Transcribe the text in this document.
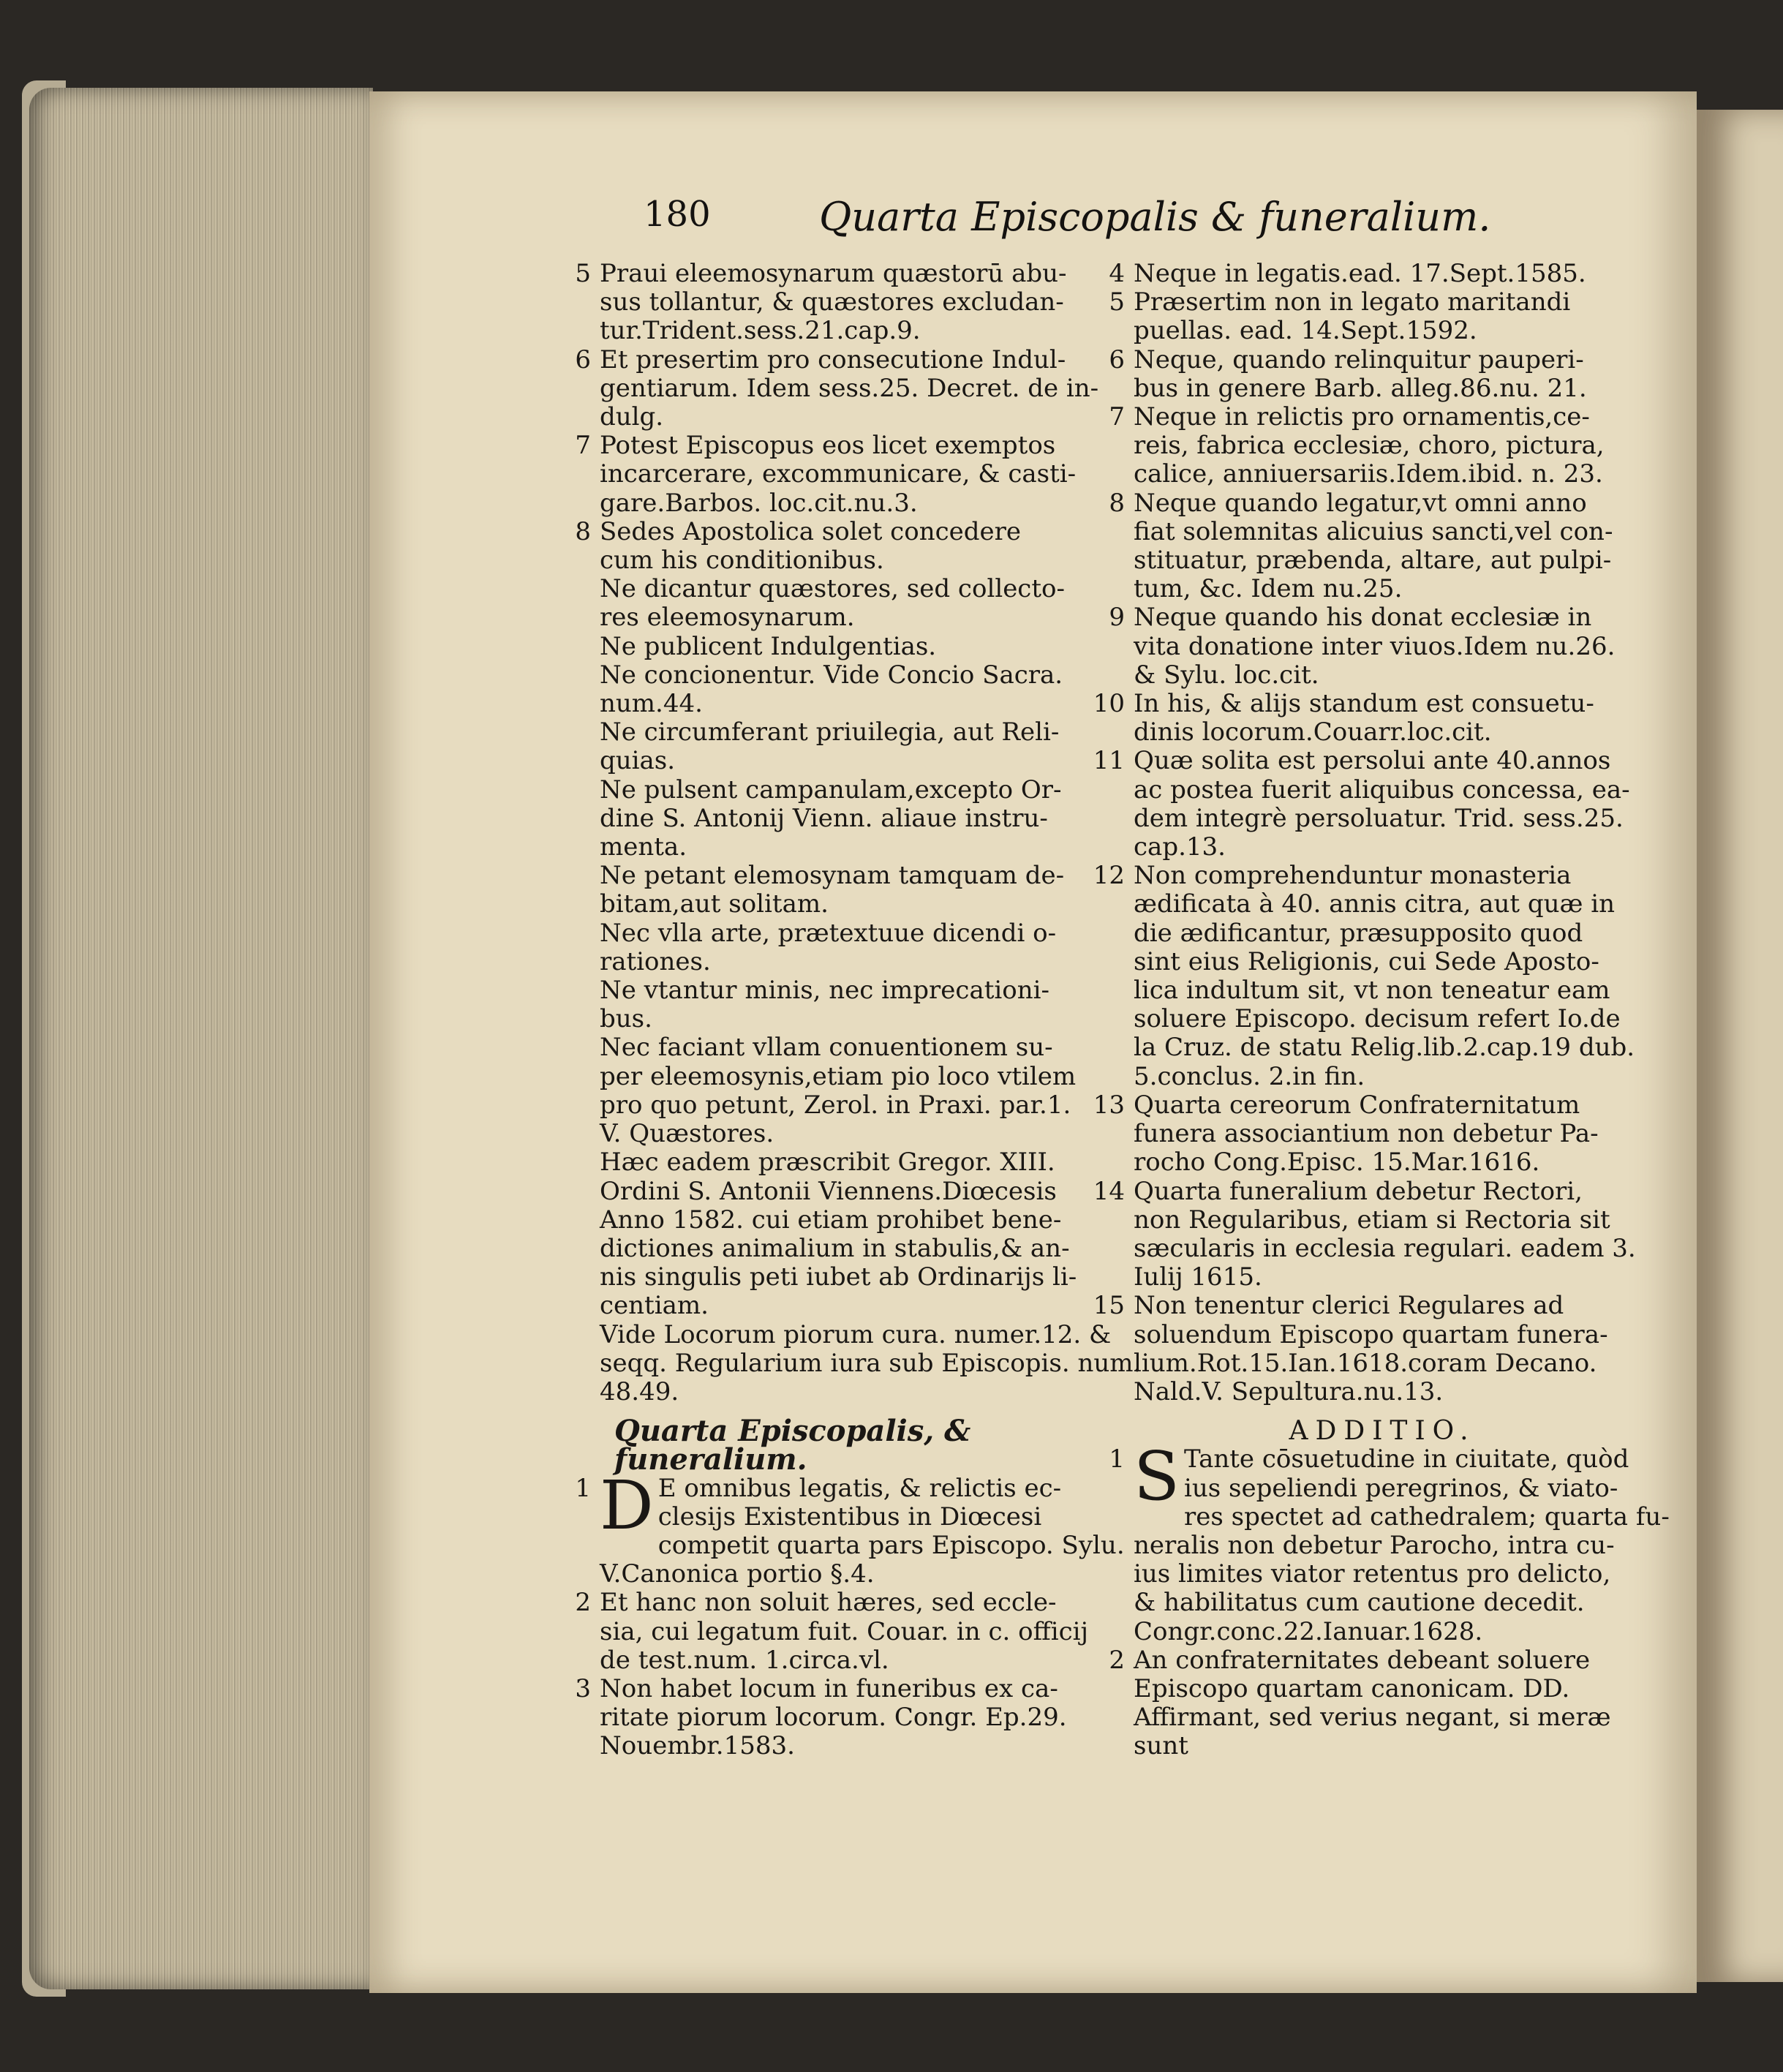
180	Quarta Episcopalis & funeralium.
5 Praui eleemosynarum quæstorū abu-
sus tollantur, & quæstores excludan-
tur.Trident.sess.21.cap.9.
6 Et presertim pro consecutione Indul-
gentiarum. Idem sess.25. Decret. de in-
dulg.
7 Potest Episcopus eos licet exemptos
incarcerare, excommunicare, & casti-
gare.Barbos. loc.cit.nu.3.
8 Sedes Apostolica solet concedere
cum his conditionibus.
Ne dicantur quæstores, sed collecto-
res eleemosynarum.
Ne publicent Indulgentias.
Ne concionentur. Vide Concio Sacra.
num.44.
Ne circumferant priuilegia, aut Reli-
quias.
Ne pulsent campanulam,excepto Or-
dine S. Antonij Vienn. aliaue instru-
menta.
Ne petant elemosynam tamquam de-
bitam,aut solitam.
Nec vlla arte, prætextuue dicendi o-
rationes.
Ne vtantur minis, nec imprecationi-
bus.
Nec faciant vllam conuentionem su-
per eleemosynis,etiam pio loco vtilem
pro quo petunt, Zerol. in Praxi. par.1.
V. Quæstores.
Hæc eadem præscribit Gregor. XIII.
Ordini S. Antonii Viennens.Diœcesis
Anno 1582. cui etiam prohibet bene-
dictiones animalium in stabulis,& an-
nis singulis peti iubet ab Ordinarijs li-
centiam.
Vide Locorum piorum cura. numer.12. &
seqq. Regularium iura sub Episcopis. num.
48.49.
Quarta Episcopalis, & funeralium.
1 D E omnibus legatis, & relictis ec-
clesijs Existentibus in Diœcesi
competit quarta pars Episcopo. Sylu.
V.Canonica portio §.4.
2 Et hanc non soluit hæres, sed eccle-
sia, cui legatum fuit. Couar. in c. officij
de test.num. 1.circa.vl.
3 Non habet locum in funeribus ex ca-
ritate piorum locorum. Congr. Ep.29.
Nouembr.1583.
4 Neque in legatis.ead. 17.Sept.1585.
5 Præsertim non in legato maritandi
puellas. ead. 14.Sept.1592.
6 Neque, quando relinquitur pauperi-
bus in genere Barb. alleg.86.nu. 21.
7 Neque in relictis pro ornamentis,ce-
reis, fabrica ecclesiæ, choro, pictura,
calice, anniuersariis.Idem.ibid. n. 23.
8 Neque quando legatur,vt omni anno
fiat solemnitas alicuius sancti,vel con-
stituatur, præbenda, altare, aut pulpi-
tum, &c. Idem nu.25.
9 Neque quando his donat ecclesiæ in
vita donatione inter viuos.Idem nu.26.
& Sylu. loc.cit.
10 In his, & alijs standum est consuetu-
dinis locorum.Couarr.loc.cit.
11 Quæ solita est persolui ante 40.annos
ac postea fuerit aliquibus concessa, ea-
dem integrè persoluatur. Trid. sess.25.
cap.13.
12 Non comprehenduntur monasteria
ædificata à 40. annis citra, aut quæ in
die ædificantur, præsupposito quod
sint eius Religionis, cui Sede Aposto-
lica indultum sit, vt non teneatur eam
soluere Episcopo. decisum refert Io.de
la Cruz. de statu Relig.lib.2.cap.19 dub.
5.conclus. 2.in fin.
13 Quarta cereorum Confraternitatum
funera associantium non debetur Pa-
rocho Cong.Episc. 15.Mar.1616.
14 Quarta funeralium debetur Rectori,
non Regularibus, etiam si Rectoria sit
sæcularis in ecclesia regulari. eadem 3.
Iulij 1615.
15 Non tenentur clerici Regulares ad
soluendum Episcopo quartam funera-
lium.Rot.15.Ian.1618.coram Decano.
Nald.V. Sepultura.nu.13.
ADDITIO.
1 S Tante cōsuetudine in ciuitate, quòd
ius sepeliendi peregrinos, & viato-
res spectet ad cathedralem; quarta fu-
neralis non debetur Parocho, intra cu-
ius limites viator retentus pro delicto,
& habilitatus cum cautione decedit.
Congr.conc.22.Ianuar.1628.
2 An confraternitates debeant soluere
Episcopo quartam canonicam. DD.
Affirmant, sed verius negant, si meræ
sunt
